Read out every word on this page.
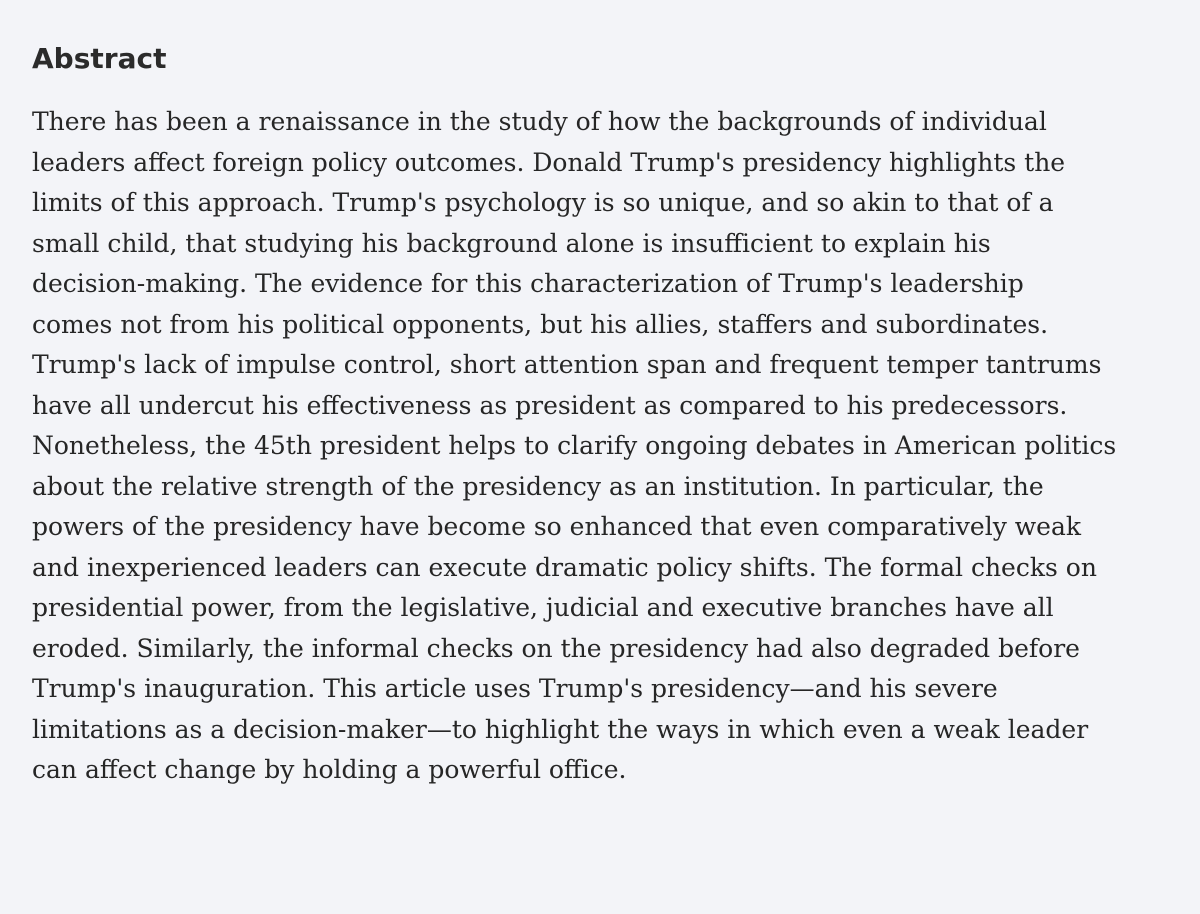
Abstract
There has been a renaissance in the study of how the backgrounds of individual
leaders affect foreign policy outcomes. Donald Trump's presidency highlights the
limits of this approach. Trump's psychology is so unique, and so akin to that of a
small child, that studying his background alone is insufficient to explain his
decision-making. The evidence for this characterization of Trump's leadership
comes not from his political opponents, but his allies, staffers and subordinates.
Trump's lack of impulse control, short attention span and frequent temper tantrums
have all undercut his effectiveness as president as compared to his predecessors.
Nonetheless, the 45th president helps to clarify ongoing debates in American politics
about the relative strength of the presidency as an institution. In particular, the
powers of the presidency have become so enhanced that even comparatively weak
and inexperienced leaders can execute dramatic policy shifts. The formal checks on
presidential power, from the legislative, judicial and executive branches have all
eroded. Similarly, the informal checks on the presidency had also degraded before
Trump's inauguration. This article uses Trump's presidency—and his severe
limitations as a decision-maker—to highlight the ways in which even a weak leader
can affect change by holding a powerful office.
